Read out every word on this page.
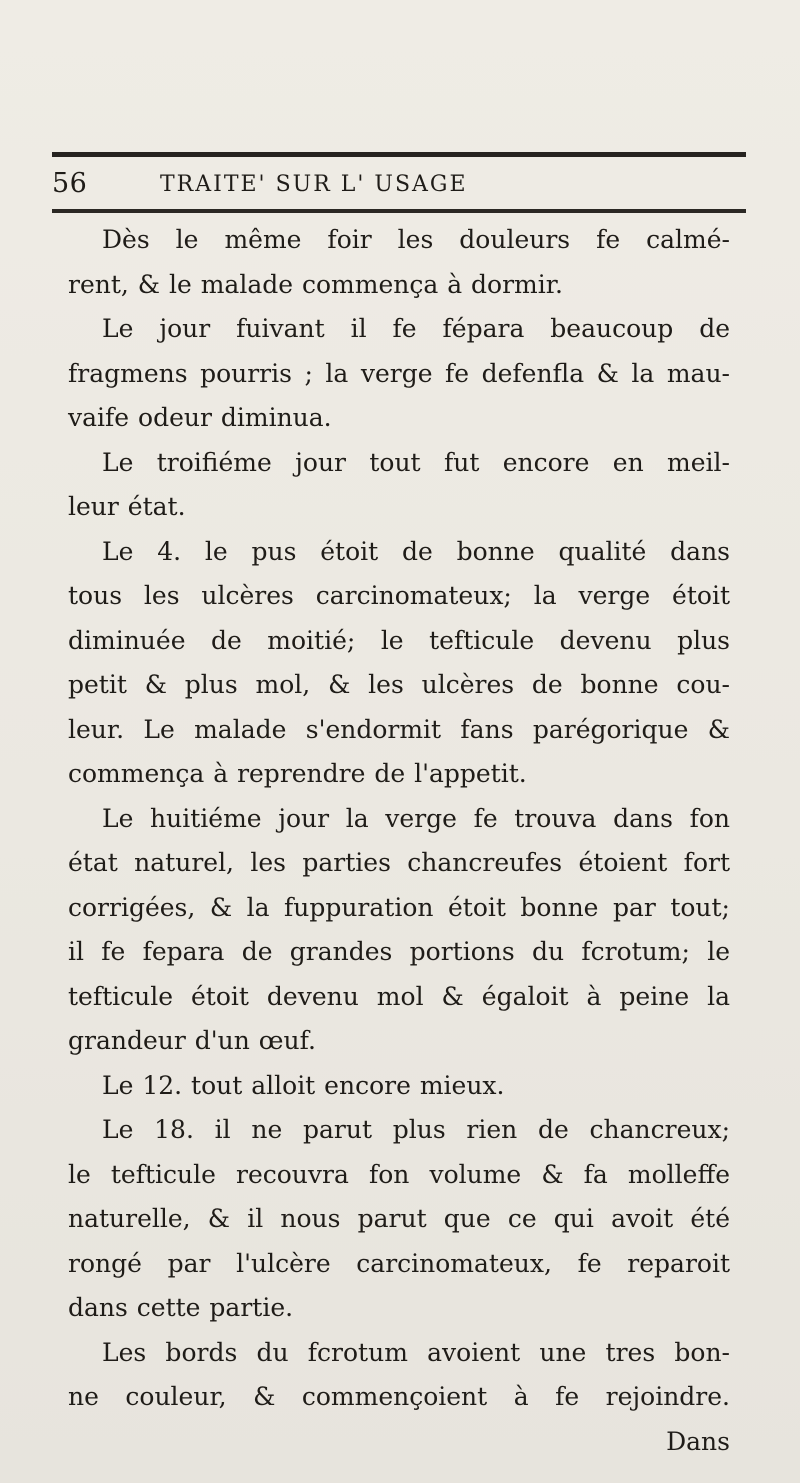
56	TRAITE' SUR L' USAGE
Dès le même foir les douleurs fe calmé-
rent, & le malade commença à dormir.
Le jour fuivant il fe fépara beaucoup de
fragmens pourris ; la verge fe defenfla & la mau-
vaife odeur diminua.
Le troifiéme jour tout fut encore en meil-
leur état.
Le 4. le pus étoit de bonne qualité dans
tous les ulcères carcinomateux; la verge étoit
diminuée de moitié; le tefticule devenu plus
petit & plus mol, & les ulcères de bonne cou-
leur. Le malade s'endormit fans parégorique &
commença à reprendre de l'appetit.
Le huitiéme jour la verge fe trouva dans fon
état naturel, les parties chancreufes étoient fort
corrigées, & la fuppuration étoit bonne par tout;
il fe fepara de grandes portions du fcrotum; le
tefticule étoit devenu mol & égaloit à peine la
grandeur d'un œuf.
Le 12. tout alloit encore mieux.
Le 18. il ne parut plus rien de chancreux;
le tefticule recouvra fon volume & fa molleffe
naturelle, & il nous parut que ce qui avoit été
rongé par l'ulcère carcinomateux, fe reparoit
dans cette partie.
Les bords du fcrotum avoient une tres bon-
ne couleur, & commençoient à fe rejoindre.
Dans
